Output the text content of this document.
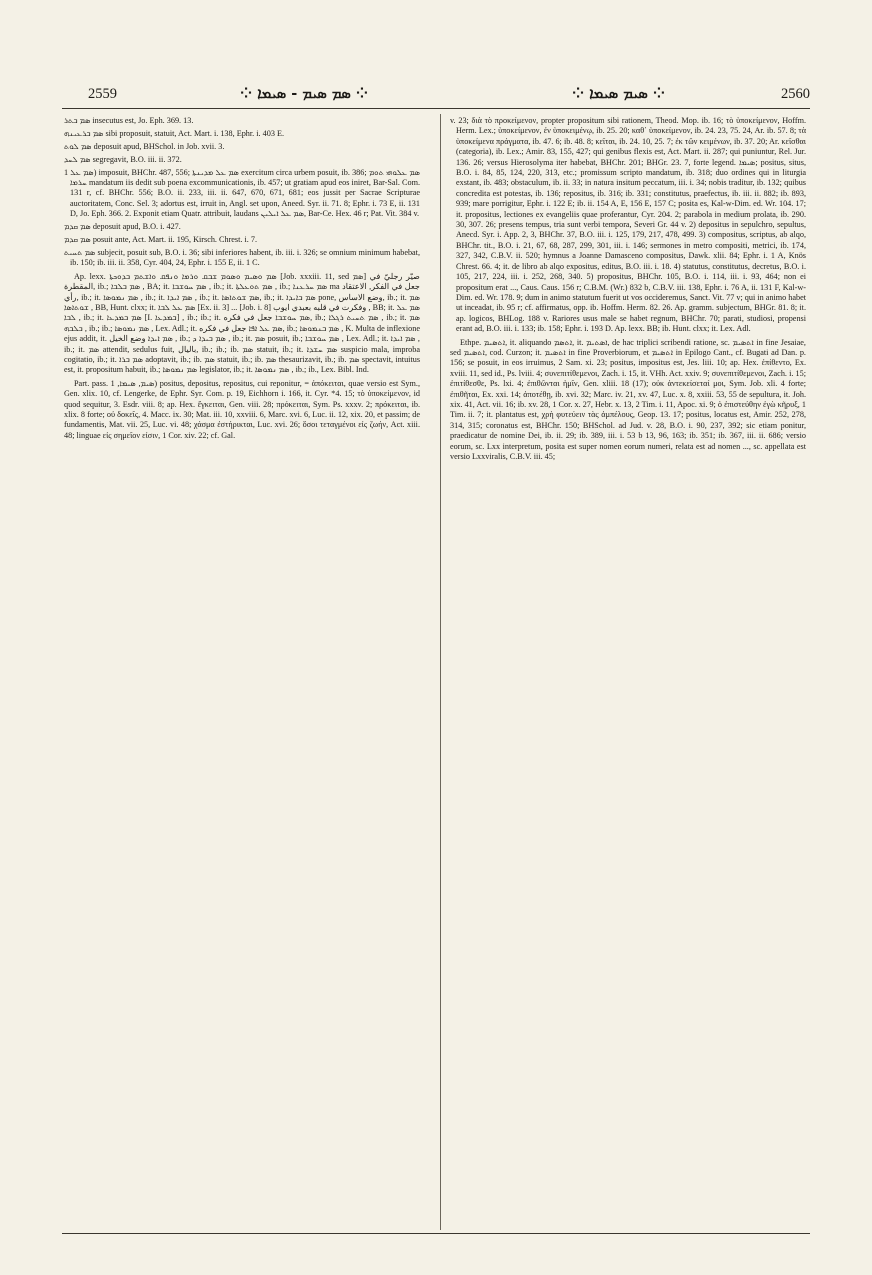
2559	⁘ ܣܡ ܣܝܡ - ܣܝܡܐ ⁘	⁘ ܣܝܡ ܣܝܡܐ ⁘	2560

ܣܡ ܒܬܪ insecutus est, Jo. Eph. 369. 13.

ܣܡ ܒܪܥܝܢܗ sibi proposuit, statuit, Act. Mart. i. 138, Ephr. i. 403 E.

ܣܡ ܠܘܬ deposuit apud, BHSchol. in Job. xvii. 3.

ܣܡ ܠܚܕ segregavit, B.O. iii. ii. 372.

ܣܡ ܥܠ 1) imposuit, BHChr. 487, 556; ܣܡ ܥܠ ܡܕܝܢܬܐ exercitum circa urbem posuit, ib. 386; ܣܡ ܥܠܘܗܝ ܬܘܡ ܚܪܡܐ mandatum iis dedit sub poena excommunicationis, ib. 457; ut gratiam apud eos iniret, Bar-Sal. Com. 131 r, cf. BHChr. 556; B.O. ii. 233, iii. ii. 647, 670, 671, 681; eos jussit per Sacrae Scripturae auctoritatem, Conc. Sel. 3; adortus est, irruit in, Angl. set upon, Aneed. Syr. ii. 71. 8; Ephr. i. 73 E, ii. 131 D, Jo. Eph. 366. 2. Exponit etiam Quatr. attribuit, laudans ܣܡ ܥܠ ܐܝܠܝܢ, Bar-Ce. Hex. 46 r; Pat. Vit. 384 v.

ܣܡ ܩܕܡ deposuit apud, B.O. i. 427.

ܣܡ ܩܕܡ posuit ante, Act. Mart. ii. 195, Kirsch. Chrest. i. 7.

ܣܡ ܬܚܝܬ subjecit, posuit sub, B.O. i. 36; sibi inferiores habent, ib. iii. i. 326; se omnium minimum habebat, ib. 150; ib. iii. ii. 358, Cyr. 404, 24, Ephr. i. 155 E, ii. 1 C.

Ap. lexx. ܣܡ ܘܣܝܡ ܘܣܘܡ ܫܒܩ ܘܪܡܐ ܘܢܦܩ ܘܐܫܬܡ ܒܕܘܟܬܐ [Job. xxxiii. 11, sed ܣܡ] صيّر رجليّ في المقطرة, ib.; ܣܡ ܒܠܒܐ , BA; it. ܣܡ ܚܘܫܒܐ , ib.; it. ܣܡ ܬܘܥܠܬܐ , ib.; ܣܡ ܚܪܥܢܐ ma جعل في الفكر, الاعتقاد رأي, ib.; it. ܣܡ ܢܡܘܣܐ , ib.; it. ܣܡ ܐܝܕܐ , ib.; it. ܣܡ ܫܘܬܐܣܐ, ib.; it. ܣܡ ܒܐܝܕܐ pone, وضع الاساس, ib.; it. ܣܡ ܫܘܬܐܣܐ , BB, Hunt. clxx; it. ܣܡ ܥܠ ܠܒܐ [Ex. ii. 3] ... [Job. i. 8] وفكرت في قلبه بعبدي ايوب , BB; it. ܣܡ ܥܠ ܠܒܐ , ib.; it. ܣܡ ܒܡܕܥܐ [I. ܒܡܕܥܐ] , ib.; ib.; it. ܣܡ ܚܘܫܒܐ جعل في فكره, ib.; ܣܡ ܬܚܝܬ ܪܓܠܐ , ib.; it. ܣܡ ܒܠܒܗ , ib.; ib.; ܣܡ ܢܡܘܣܐ , Lex. Adl.; it. ܣܡ ܥܠ ܐܦܐ جعل في فكره, ib.; ܣܡ ܒܢܡܘܣܐ , K. Multa de inflexione ejus addit, it. ܣܡ ܐܝܕܐ وضع الخيل , ib.; ܣܡ ܒܝܕܐ ܕ , ib.; it. ܣܡ posuit, ib.; ܣܡ ܚܘܫܒܐ , Lex. Adl.; it. ܣܡ ܐܝܕܐ , ib.; it. ܣܡ attendit, sedulus fuit, باليال, ib.; ib.; ib. ܣܡ statuit, ib.; it. ܣܡ ܚܫܕܐ suspicio mala, improba cogitatio, ib.; it. ܣܡ ܒܪܐ adoptavit, ib.; ib. ܣܡ statuit, ib.; ib. ܣܡ thesaurizavit, ib.; ib. ܣܡ spectavit, intuitus est, it. propositum habuit, ib.; ܣܡ ܢܡܘܣܐ legislator, ib.; it. ܣܡ ܢܡܘܣܐ , ib.; ib., Lex. Bibl. Ind.

Part. pass. ܣܝܡ, ܣܝܡܐ, 1) positus, depositus, repositus, cui reponitur, = ἀπόκειται, quae versio est Sym., Gen. xlix. 10, cf. Lengerke, de Ephr. Syr. Com. p. 19, Eichhorn i. 166, it. Cyr. *4. 15; τὸ ὑποκείμενον, id quod sequitur, 3. Esdr. viii. 8; ap. Hex. ἔγκειται, Gen. viii. 28; πρόκειται, Sym. Ps. xxxv. 2; πρόκειται, ib. xlix. 8 forte; οὐ δοκεῖς, 4. Macc. ix. 30; Mat. iii. 10, xxviii. 6, Marc. xvi. 6, Luc. ii. 12, xix. 20, et passim; de fundamentis, Mat. vii. 25, Luc. vi. 48; χάσμα ἐστήρικται, Luc. xvi. 26; ὅσοι τεταγμένοι εἰς ζωήν, Act. xiii. 48; linguae εἰς σημεῖον εἰσιν, 1 Cor. xiv. 22; cf. Gal.

v. 23; διὰ τὸ προκείμενον, propter propositum sibi rationem, Theod. Mop. ib. 16; τὸ ὑποκείμενον, Hoffm. Herm. Lex.; ὑποκείμενον, ἐν ὑποκειμένῳ, ib. 25. 20; καθ᾽ ὑποκείμενον, ib. 24. 23, 75. 24, Ar. ib. 57. 8; τὰ ὑποκείμενα πράγματα, ib. 47. 6; ib. 48. 8; κεῖται, ib. 24. 10, 25. 7; ἐκ τῶν κειμένων, ib. 37. 20; Ar. κεῖσθαι (categoria), ib. Lex.; Amir. 83, 155, 427; qui genibus flexis est, Act. Mart. ii. 287; qui puniuntur, Rel. Jur. 136. 26; versus Hierosolyma iter habebat, BHChr. 201; BHGr. 23. 7, forte legend. ܣܝܡܐ; positus, situs, B.O. i. 84, 85, 124, 220, 313, etc.; promissum scripto mandatum, ib. 318; duo ordines qui in liturgia exstant, ib. 483; obstaculum, ib. ii. 33; in natura insitum peccatum, iii. i. 34; nobis traditur, ib. 132; quibus concredita est potestas, ib. 136; repositus, ib. 316; ib. 331; constitutus, praefectus, ib. iii. ii. 882; ib. 893, 939; mare porrigitur, Ephr. i. 122 E; ib. ii. 154 A, E, 156 E, 157 C; posita es, Kal-w-Dim. ed. Wr. 104. 17; it. propositus, lectiones ex evangeliis quae proferantur, Cyr. 204. 2; parabola in medium prolata, ib. 290. 30, 307. 26; presens tempus, tria sunt verbi tempora, Severi Gr. 44 v. 2) depositus in sepulchro, sepultus, Anecd. Syr. i. App. 2, 3, BHChr. 37, B.O. iii. i. 125, 179, 217, 478, 499. 3) compositus, scriptus, ab alqo, BHChr. tit., B.O. i. 21, 67, 68, 287, 299, 301, iii. i. 146; sermones in metro compositi, metrici, ib. 174, 327, 342, C.B.V. ii. 520; hymnus a Joanne Damasceno compositus, Dawk. xlii. 84; Ephr. i. 1 A, Knös Chrest. 66. 4; it. de libro ab alqo expositus, editus, B.O. iii. i. 18. 4) statutus, constitutus, decretus, B.O. i. 105, 217, 224, iii. i. 252, 268, 340. 5) propositus, BHChr. 105, B.O. i. 114, iii. i. 93, 464; non ei propositum erat ..., Caus. Caus. 156 r; C.B.M. (Wr.) 832 b, C.B.V. iii. 138, Ephr. i. 76 A, ii. 131 F, Kal-w-Dim. ed. Wr. 178. 9; dum in animo statutum fuerit ut vos occideremus, Sanct. Vit. 77 v; qui in animo habet ut inceadat, ib. 95 r; cf. affirmatus, opp. ib. Hoffm. Herm. 82. 26. Ap. gramm. subjectum, BHGr. 81. 8; it. ap. logicos, BHLog. 188 v. Rariores usus male se habet regnum, BHChr. 70; parati, studiosi, propensi erant ad, B.O. iii. i. 133; ib. 158; Ephr. i. 193 D. Ap. lexx. BB; ib. Hunt. clxx; it. Lex. Adl.

Ethpe. ܐܬܣܝܡ, it. aliquando ܐܬܣܡ, it. ܐܣܬܝܡ, de hac triplici scribendi ratione, sc. ܐܬܣܝܡ in fine Jesaiae, sed ܐܬܣܝܡ, cod. Curzon; it. ܐܬܣܝܡ in fine Proverbiorum, et ܐܬܣܝܡ in Epilogo Cant., cf. Bugati ad Dan. p. 156; se posuit, in eos irruimus, 2 Sam. xi. 23; positus, impositus est, Jes. liii. 10; ap. Hex. ἐπίθεντο, Ex. xviii. 11, sed id., Ps. lviii. 4; συνεπιτίθεμενοι, Zach. i. 15, it. VHh. Act. xxiv. 9; συνεπιτίθεμενοι, Zach. i. 15; ἐπιτίθεσθε, Ps. lxi. 4; ἐπιθῶνται ἡμῖν, Gen. xliii. 18 (17); οὐκ ἀντεκείσεταί μοι, Sym. Job. xli. 4 forte; ἐπιθῆται, Ex. xxi. 14; ἀποτέθῃ, ib. xvi. 32; Marc. iv. 21, xv. 47, Luc. x. 8, xxiii. 53, 55 de sepultura, it. Joh. xix. 41, Act. vii. 16; ib. xv. 28, 1 Cor. x. 27, Hebr. x. 13, 2 Tim. i. 11, Apoc. xi. 9; ὁ ἐπιστεύθην ἐγὼ κῆρυξ, 1 Tim. ii. 7; it. plantatus est, χρὴ φυτεύειν τὰς ἀμπέλους, Geop. 13. 17; positus, locatus est, Amir. 252, 278, 314, 315; coronatus est, BHChr. 150; BHSchol. ad Jud. v. 28, B.O. i. 90, 237, 392; sic etiam ponitur, praedicatur de nomine Dei, ib. ii. 29; ib. 389, iii. i. 53 b 13, 96, 163; ib. 351; ib. 367, iii. ii. 686; versio eorum, sc. Lxx interpretum, posita est super nomen eorum numeri, relata est ad nomen ..., sc. appellata est versio Lxxviralis, C.B.V. iii. 45;
